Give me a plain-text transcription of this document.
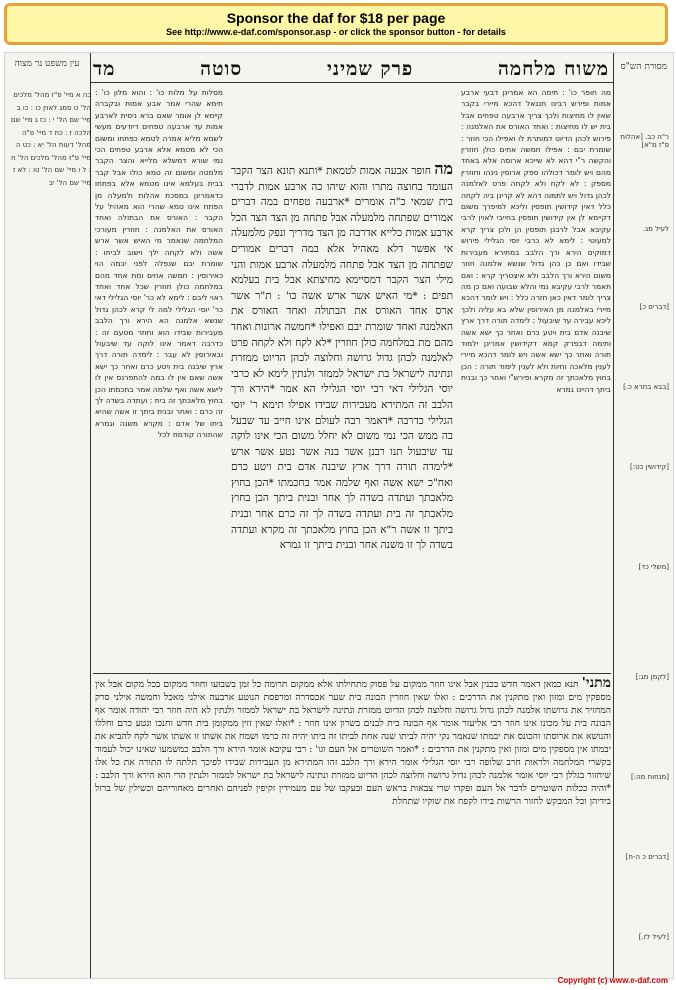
Sponsor the daf for $18 per page
See http://www.e-daf.com/sponsor.asp - or click the sponsor button - for details
מסורת הש"ס
עין משפט נר מצוה	משוח מלחמה
פרק שמיני
סוטה
מד
כה א מיי' פ"ז מהל' מלכים הל' ט סמג לאוין כו : כו ב מיי' שם הל' י : כז ג מיי' שם הלכה ז : כח ד מיי' פ"ה מהל' דעות הל' יא : כט ה מיי' פ"ז מהל' מלכים הל' ח : ל ו מיי' שם הל' טו : לא ז מיי' שם הל' יב
מסלות על מלות כו' : והוא מלון כו' : תימא שהרי אמר אבע אמות ובקברה קיימא לן אומר שאם ברא ניסית לארבע אמות עד ארבעה טפחים דיודעים מעשי לשמא מליא אמרה לטמא כפתחו ומשום הכי לא מטמא אלא ארבע טפחים הכי נמי שורא דמשלא מלייא והצר הקבר מלמטה ומשום זה טמא כולו אבל קבר בבית בעלמא אינו מטמא אלא בפתחו כדאמרינן במסכת אהלות ולמעלה מן הפתח אינו טמא שהרי הוא מאהיל על הקבר : האורס את הבתולה ואחד האורס את האלמנה : חוזרין מעורכי המלחמה שנאמר מי האיש אשר ארש אשה ולא לקחה ילך וישוב לביתו : שומרת יבם שנפלה לפני יבמה הוי כאירוסין : חמשה אחים ומת אחד מהם במלחמה כולן חוזרין שכל אחד ואחד ראוי ליבם : לימא לא כר' יוסי הגלילי דאי כר' יוסי הגלילי למה לי קרא לכהן גדול שנשא אלמנה הא הירא ורך הלבב מעבירות שבידו הוא וחוזר מטעם זה : כדרבה דאמר אינו לוקה עד שיבעול ובאירוסין לא עבר : לימדה תורה דרך ארץ שיבנה בית ויטע כרם ואחר כך ישא אשה שאם אין לו במה להתפרנס אין לו לישא אשה ואף שלמה אמר בחכמתו הכן בחוץ מלאכתך זה בית : ועתדה בשדה לך זה כרם : ואחר ובנית ביתך זו אשה שהיא ביתו של אדם : מקרא משנה וגמרא שהתורה קודמת לכל
מה חופר כו' : תימה הא אמרינן דבעי ארבע אמות ופירש רבינו חננאל דהכא מיירי בקבר שאין לו מחיצות ולכך צריך ארבעה טפחים אבל בית יש לו מחיצות : ואחד האורס את האלמנה : פירוש לכהן הדיוט דמותרת לו ואפילו הכי חוזר : שומרת יבם : אפילו חמשה אחים כולן חוזרין והקשה ר"י דהא לא שייכא ארוסה אלא באחד מהם ויש לומר דכולהו ספק ארוסין נינהו וחוזרין מספק : לא לקח ולא לקחה פרט לאלמנה לכהן גדול ויש לתמוה דהא לא קרינן ביה לקחה כלל דאין קידושין תופסין וליכא למיפרך משום דקיימא לן אין קידושין תופסין בחייבי לאוין לרבי עקיבא אבל לרבנן תופסין הן ולכן צריך קרא למעוטי : לימא לא כרבי יוסי הגלילי פירוש דמוקים הירא ורך הלבב במתירא מעבירות שבידו ואם כן כהן גדול שנשא אלמנה חוזר משום הירא ורך הלבב ולא איצטריך קרא : ואם תאמר לרבי עקיבא נמי והלא שבועה ואם כן מה צריך לומר דאין כאן חזרה כלל : ויש לומר דהכא מיירי באלמנה מן האירוסין שלא בא עליה ולכך ליכא עבירה עד שיבעול : לימדה תורה דרך ארץ שיבנה אדם בית ויטע כרם ואחר כך ישא אשה ותימה דבפרק קמא דקידושין אמרינן ילמוד תורה ואחר כך ישא אשה ויש לומר דהכא מיירי לענין מלאכה וחיות ולא לענין לימוד תורה : הכן בחוץ מלאכתך זה מקרא ופירש"י ואחר כך ובנית ביתך דהיינו גמרא
מה חופר אבעה אמות לטמאת *ותנא תונא הצר הקבר העומד בחוצה מתרו והוא שיהו כה ארבע אמות לדברי בית שמאי כ"ה אומרים *ארבעה טפחים במה דברים אמורים שפתחה מלמעלה אבל פתחה מן הצד הצד הכל ארבע אמות כלייא אדרבה מן הצד מדריך ונפק מלמעלה אי אפשר דלא מאהיל אלא במה דברים אמורים שפתחה מן הצד אבל פתחה מלמעלה ארבע אמות והני מילי הצר הקבר דמסיימא מחיצתא אבל בית בעלמא תפים : *מי האיש אשר ארש אשה כו' : ת"ר אשר ארס אחד האורס את הבתולה ואחד האורס את האלמנה ואחד שומרת יבם ואפילו *חמשה ארונות ואחד מהם מת במלחמה כולן חוזרין *לא לקח ולא לקחה פרט לאלמנה לכהן גדול גרושה וחלוצה לכהן הדיוט ממזרת ונתינה לישראל בת ישראל לממזר ולנתין לימא לא כרבי יוסי הגלילי דאי רבי יוסי הגלילי הא אמר *הירא ורך הלבב זה המתירא מעבירות שבידו אפילו תימא ר' יוסי הגלילי כדרבה *דאמר רבה לעולם אינו חייב עד שבעל בה ממש הכי נמי משום לא יחלל משום הכי אינו לוקה עד שיבעול תנו רבנן אשר בנה אשר נטע אשר ארש *לימדה תורה דרך ארץ שיבנה אדם בית ויטע כרם ואח"כ ישא אשה ואף שלמה אמר בחכמתו *הכן בחוץ מלאכתך ועתדה בשדה לך אחר ובנית ביתך הכן בחוץ מלאכתך זה בית ועתדה בשדה לך זה כרם אחר ובנית ביתך זו אשה ר"א הכן בחוץ מלאכתך זה מקרא ועתדה בשדה לך זו משנה אחר ובנית ביתך זו גמרא
מתני' תנא כמאן דאמר חדש בכנין אבל אינו חוזר ממקום על פסוק מתחילתו אלא ממקום תרומה כל זמן בשבועו וחוזר ממקום בכל מקום אבל אין מספקין מים ומזון ואין מתקנין את הדרכים : ואלו שאין חוזרין הבונה בית שער אכסדרה ומרפסת הנוטע ארבעה אילני מאכל וחמשה אילני סרק המחזיר את גרושתו אלמנה לכהן גדול גרושה וחלוצה לכהן הדיוט ממזרת ונתינה לישראל בת ישראל לממזר ולנתין לא היה חוזר רבי יהודה אומר אף הבונה בית על מכונו אינו חוזר רבי אליעזר אומר אף הבונה בית לבנים בשרון אינו חוזר : *ואלו שאין זזין ממקומן בית חדש וחנכו ונטע כרם וחללו והנושא את ארוסתו והכונס את יבמתו שנאמר נקי יהיה לביתו שנה אחת לביתו זה ביתו יהיה זה כרמו ושמח את אשתו זו אשתו אשר לקח להביא את יבמתו אין מספקין מים ומזון ואין מתקנין את הדרכים : *ואמר השוטרים אל העם וגו' : רבי עקיבא אומר הירא ורך הלבב כמשמעו שאינו יכול לעמוד בקשרי המלחמה ולראות חרב שלופה רבי יוסי הגלילי אומר הירא ורך הלבב זהו המתירא מן העבירות שבידו לפיכך תלתה לו התורה את כל אלו שיחזור בגללן רבי יוסי אומר אלמנה לכהן גדול גרושה וחלוצה לכהן הדיוט ממזרת ונתינה לישראל בת ישראל לממזר ולנתין הרי הוא הירא ורך הלבב : *והיה ככלות השוטרים לדבר אל העם ופקדו שרי צבאות בראש העם ובעקבו של עם מעמידין זקיפין לפניהם ואחרים מאחוריהם וכשילין של ברזל בידיהן וכל המבקש לחזור הרשות בידו לקפח את שוקיו שתחלת
ר"ה כב. [אהלות פ"ז מ"א]
לעיל מג.
[דברים כ]
[בבא בתרא כ.]
[קידושין כט:]
[משלי כד]
[לקמן מג:]
[מנחות מה:]
[דברים כ ה-ח]
[לעיל לז.]
Copyright (c) www.e-daf.com
